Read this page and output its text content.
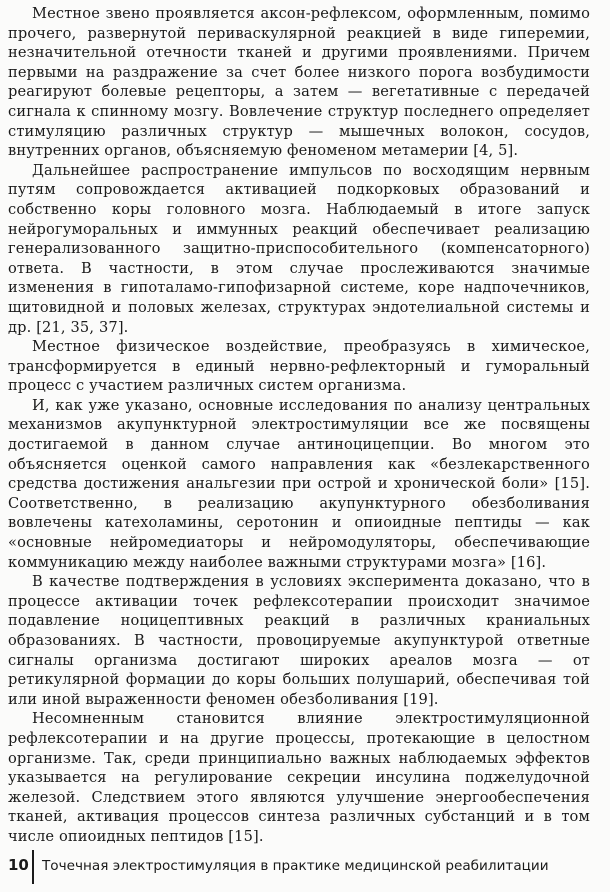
Местное звено проявляется аксон-рефлексом, оформленным, помимо прочего, развернутой периваскулярной реакцией в виде гиперемии, незначительной отечности тканей и другими проявлениями. Причем первыми на раздражение за счет более низкого порога возбудимости реагируют болевые рецепторы, а затем — вегетативные с передачей сигнала к спинному мозгу. Вовлечение структур последнего определяет стимуляцию различных структур — мышечных волокон, сосудов, внутренних органов, объясняемую феноменом метамерии [4, 5].

Дальнейшее распространение импульсов по восходящим нервным путям сопровождается активацией подкорковых образований и собственно коры головного мозга. Наблюдаемый в итоге запуск нейрогуморальных и иммунных реакций обеспечивает реализацию генерализованного защитно-приспособительного (компенсаторного) ответа. В частности, в этом случае прослеживаются значимые изменения в гипоталамо-гипофизарной системе, коре надпочечников, щитовидной и половых железах, структурах эндотелиальной системы и др. [21, 35, 37].

Местное физическое воздействие, преобразуясь в химическое, трансформируется в единый нервно-рефлекторный и гуморальный процесс с участием различных систем организма.

И, как уже указано, основные исследования по анализу центральных механизмов акупунктурной электростимуляции все же посвящены достигаемой в данном случае антиноцицепции. Во многом это объясняется оценкой самого направления как «безлекарственного средства достижения анальгезии при острой и хронической боли» [15]. Соответственно, в реализацию акупунктурного обезболивания вовлечены катехоламины, серотонин и опиоидные пептиды — как «основные нейромедиаторы и нейромодуляторы, обеспечивающие коммуникацию между наиболее важными структурами мозга» [16].

В качестве подтверждения в условиях эксперимента доказано, что в процессе активации точек рефлексотерапии происходит значимое подавление ноцицептивных реакций в различных краниальных образованиях. В частности, провоцируемые акупунктурой ответные сигналы организма достигают широких ареалов мозга — от ретикулярной формации до коры больших полушарий, обеспечивая той или иной выраженности феномен обезболивания [19].

Несомненным становится влияние электростимуляционной рефлексотерапии и на другие процессы, протекающие в целостном организме. Так, среди принципиально важных наблюдаемых эффектов указывается на регулирование секреции инсулина поджелудочной железой. Следствием этого являются улучшение энергообеспечения тканей, активация процессов синтеза различных субстанций и в том числе опиоидных пептидов [15].

10 Точечная электростимуляция в практике медицинской реабилитации
